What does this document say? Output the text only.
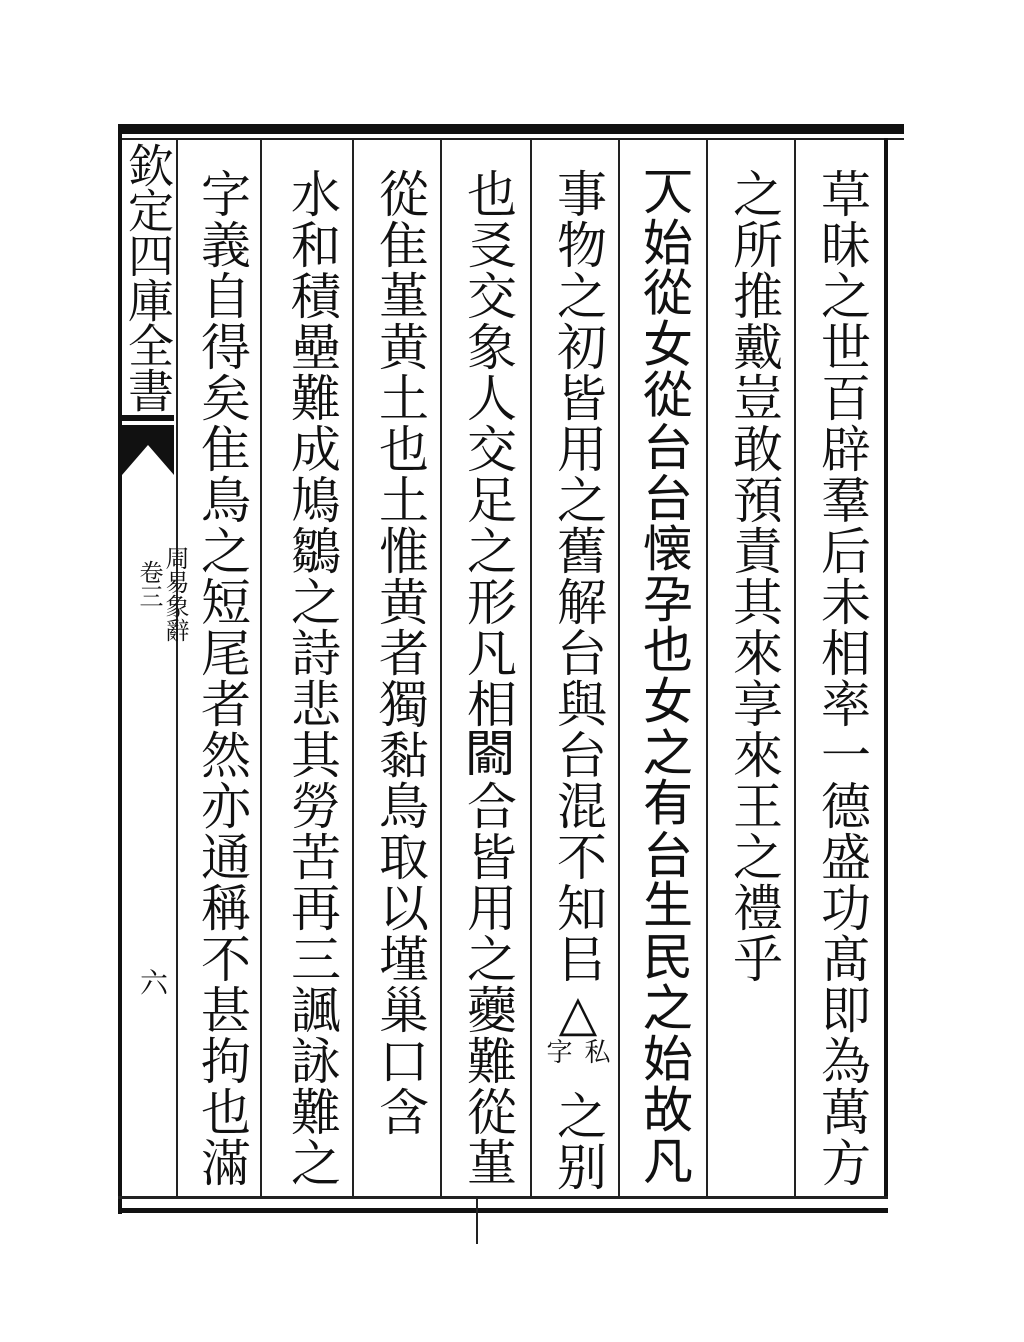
欽定四庫全書
周易象辭
卷三
六	草昧之世百辟羣后未相率一德盛功髙即為萬方
之所推戴豈敢預責其來享來王之禮乎
𠆣始從女從台台懐孕也女之有台生民之始故凡
事物之初皆用之舊解台與台混不知㠯△
私
字
之别
也㕛交象人交足之形凡相𨵦合皆用之虁難從堇
從隹堇黄土也土惟黄者獨黏鳥取以墐巢口含
水和積壘難成鳩鶵之詩悲其勞苦再三諷詠難之
字義自得矣隹鳥之短尾者然亦通稱不甚拘也滿
